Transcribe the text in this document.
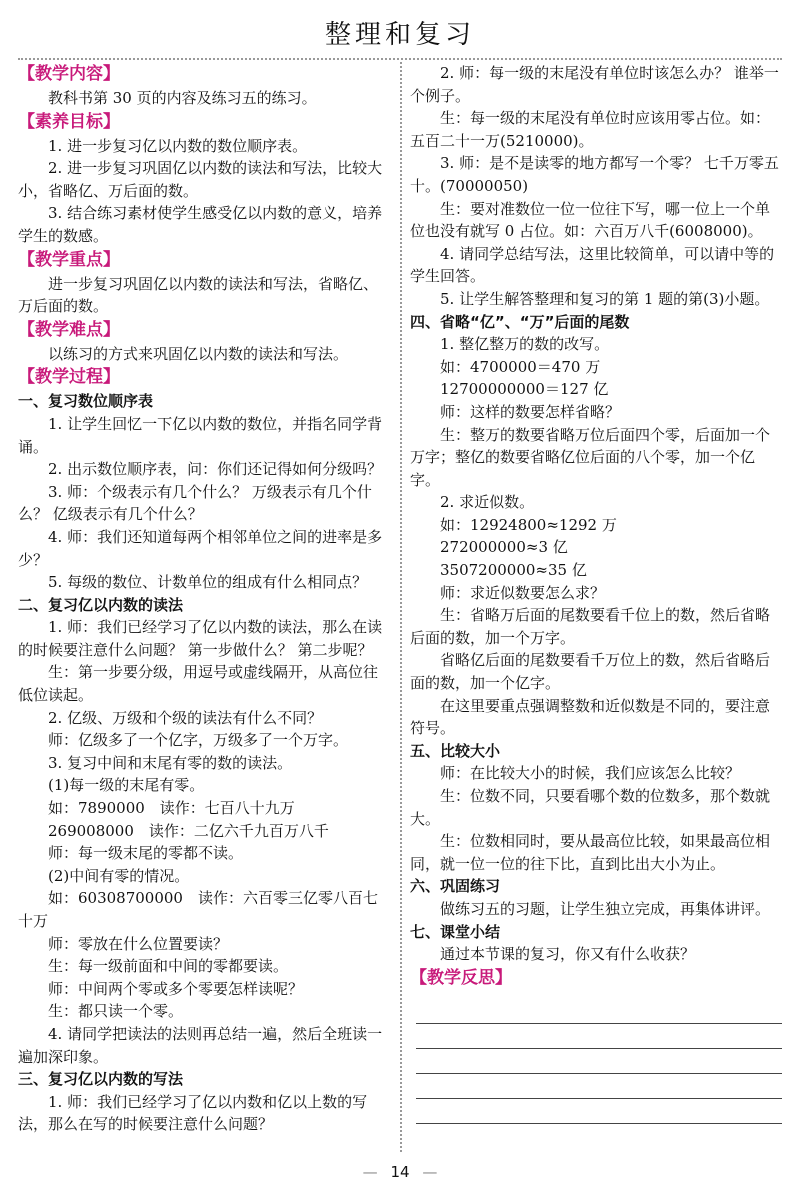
整理和复习

【教学内容】

教科书第 30 页的内容及练习五的练习。

【素养目标】

1. 进一步复习亿以内数的数位顺序表。

2. 进一步复习巩固亿以内数的读法和写法，比较大小，省略亿、万后面的数。

3. 结合练习素材使学生感受亿以内数的意义，培养学生的数感。

【教学重点】

进一步复习巩固亿以内数的读法和写法，省略亿、万后面的数。

【教学难点】

以练习的方式来巩固亿以内数的读法和写法。

【教学过程】

一、复习数位顺序表

1. 让学生回忆一下亿以内数的数位，并指名同学背诵。

2. 出示数位顺序表，问：你们还记得如何分级吗？

3. 师：个级表示有几个什么？ 万级表示有几个什么？ 亿级表示有几个什么？

4. 师：我们还知道每两个相邻单位之间的进率是多少？

5. 每级的数位、计数单位的组成有什么相同点？

二、复习亿以内数的读法

1. 师：我们已经学习了亿以内数的读法，那么在读的时候要注意什么问题？ 第一步做什么？ 第二步呢？

生：第一步要分级，用逗号或虚线隔开，从高位往低位读起。

2. 亿级、万级和个级的读法有什么不同？

师：亿级多了一个亿字，万级多了一个万字。

3. 复习中间和末尾有零的数的读法。

(1)每一级的末尾有零。

如：7890000　读作：七百八十九万

269008000　读作：二亿六千九百万八千

师：每一级末尾的零都不读。

(2)中间有零的情况。

如：60308700000　读作：六百零三亿零八百七十万

师：零放在什么位置要读？

生：每一级前面和中间的零都要读。

师：中间两个零或多个零要怎样读呢？

生：都只读一个零。

4. 请同学把读法的法则再总结一遍，然后全班读一遍加深印象。

三、复习亿以内数的写法

1. 师：我们已经学习了亿以内数和亿以上数的写法，那么在写的时候要注意什么问题？

2. 师：每一级的末尾没有单位时该怎么办？ 谁举一个例子。

生：每一级的末尾没有单位时应该用零占位。如：五百二十一万(5210000)。

3. 师：是不是读零的地方都写一个零？ 七千万零五十。(70000050)

生：要对准数位一位一位往下写，哪一位上一个单位也没有就写 0 占位。如：六百万八千(6008000)。

4. 请同学总结写法，这里比较简单，可以请中等的学生回答。

5. 让学生解答整理和复习的第 1 题的第(3)小题。

四、省略“亿”、“万”后面的尾数

1. 整亿整万的数的改写。

如：4700000＝470 万

12700000000＝127 亿

师：这样的数要怎样省略？

生：整万的数要省略万位后面四个零，后面加一个万字；整亿的数要省略亿位后面的八个零，加一个亿字。

2. 求近似数。

如：12924800≈1292 万

272000000≈3 亿

3507200000≈35 亿

师：求近似数要怎么求？

生：省略万后面的尾数要看千位上的数，然后省略后面的数，加一个万字。

省略亿后面的尾数要看千万位上的数，然后省略后面的数，加一个亿字。

在这里要重点强调整数和近似数是不同的，要注意符号。

五、比较大小

师：在比较大小的时候，我们应该怎么比较？

生：位数不同，只要看哪个数的位数多，那个数就大。

生：位数相同时，要从最高位比较，如果最高位相同，就一位一位的往下比，直到比出大小为止。

六、巩固练习

做练习五的习题，让学生独立完成，再集体讲评。

七、课堂小结

通过本节课的复习，你又有什么收获？

【教学反思】

— 14 —
